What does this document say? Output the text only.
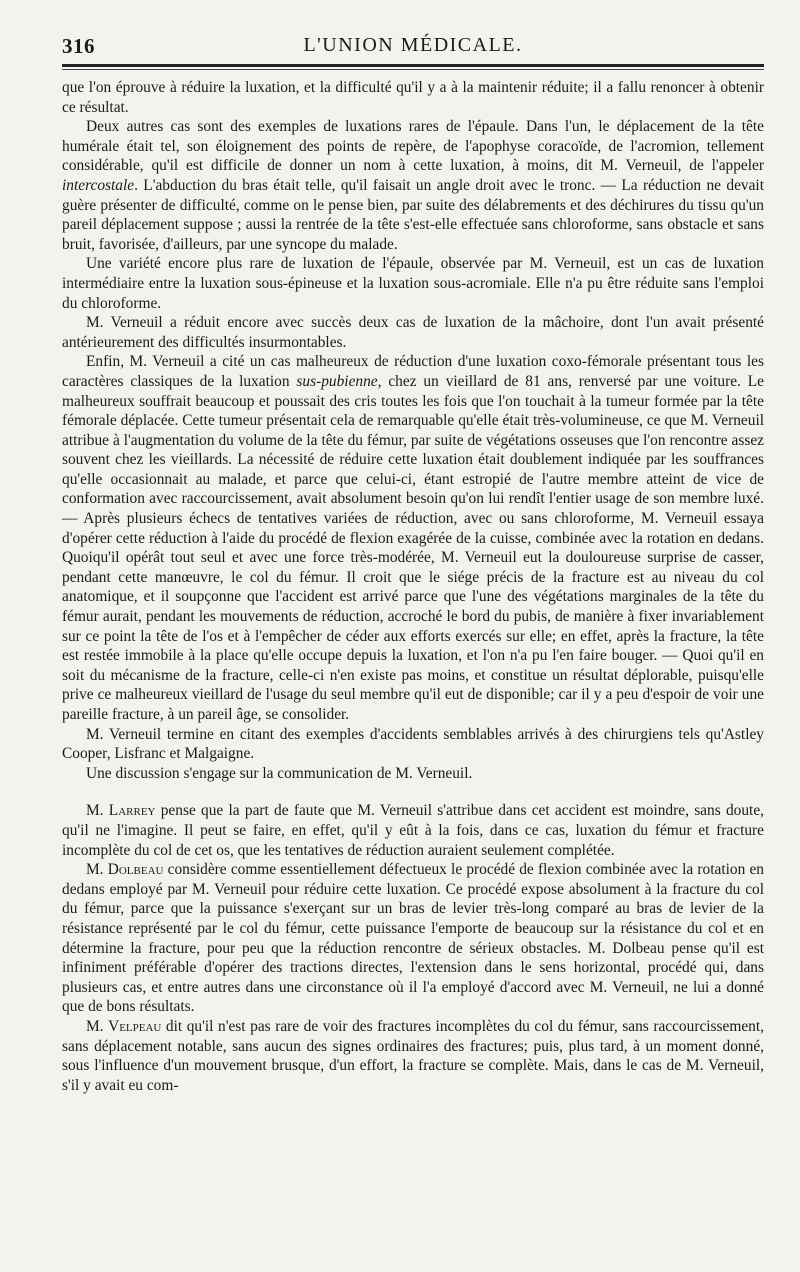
316	L'UNION MÉDICALE.

que l'on éprouve à réduire la luxation, et la difficulté qu'il y a à la maintenir réduite; il a fallu renoncer à obtenir ce résultat.

Deux autres cas sont des exemples de luxations rares de l'épaule. Dans l'un, le déplacement de la tête humérale était tel, son éloignement des points de repère, de l'apophyse coracoïde, de l'acromion, tellement considérable, qu'il est difficile de donner un nom à cette luxation, à moins, dit M. Verneuil, de l'appeler intercostale. L'abduction du bras était telle, qu'il faisait un angle droit avec le tronc. — La réduction ne devait guère présenter de difficulté, comme on le pense bien, par suite des délabrements et des déchirures du tissu qu'un pareil déplacement suppose ; aussi la rentrée de la tête s'est-elle effectuée sans chloroforme, sans obstacle et sans bruit, favorisée, d'ailleurs, par une syncope du malade.

Une variété encore plus rare de luxation de l'épaule, observée par M. Verneuil, est un cas de luxation intermédiaire entre la luxation sous-épineuse et la luxation sous-acromiale. Elle n'a pu être réduite sans l'emploi du chloroforme.

M. Verneuil a réduit encore avec succès deux cas de luxation de la mâchoire, dont l'un avait présenté antérieurement des difficultés insurmontables.

Enfin, M. Verneuil a cité un cas malheureux de réduction d'une luxation coxo-fémorale présentant tous les caractères classiques de la luxation sus-pubienne, chez un vieillard de 81 ans, renversé par une voiture. Le malheureux souffrait beaucoup et poussait des cris toutes les fois que l'on touchait à la tumeur formée par la tête fémorale déplacée. Cette tumeur présentait cela de remarquable qu'elle était très-volumineuse, ce que M. Verneuil attribue à l'augmentation du volume de la tête du fémur, par suite de végétations osseuses que l'on rencontre assez souvent chez les vieillards. La nécessité de réduire cette luxation était doublement indiquée par les souffrances qu'elle occasionnait au malade, et parce que celui-ci, étant estropié de l'autre membre atteint de vice de conformation avec raccourcissement, avait absolument besoin qu'on lui rendît l'entier usage de son membre luxé. — Après plusieurs échecs de tentatives variées de réduction, avec ou sans chloroforme, M. Verneuil essaya d'opérer cette réduction à l'aide du procédé de flexion exagérée de la cuisse, combinée avec la rotation en dedans. Quoiqu'il opérât tout seul et avec une force très-modérée, M. Verneuil eut la douloureuse surprise de casser, pendant cette manœuvre, le col du fémur. Il croit que le siége précis de la fracture est au niveau du col anatomique, et il soupçonne que l'accident est arrivé parce que l'une des végétations marginales de la tête du fémur aurait, pendant les mouvements de réduction, accroché le bord du pubis, de manière à fixer invariablement sur ce point la tête de l'os et à l'empêcher de céder aux efforts exercés sur elle; en effet, après la fracture, la tête est restée immobile à la place qu'elle occupe depuis la luxation, et l'on n'a pu l'en faire bouger. — Quoi qu'il en soit du mécanisme de la fracture, celle-ci n'en existe pas moins, et constitue un résultat déplorable, puisqu'elle prive ce malheureux vieillard de l'usage du seul membre qu'il eut de disponible; car il y a peu d'espoir de voir une pareille fracture, à un pareil âge, se consolider.

M. Verneuil termine en citant des exemples d'accidents semblables arrivés à des chirurgiens tels qu'Astley Cooper, Lisfranc et Malgaigne.

Une discussion s'engage sur la communication de M. Verneuil.

M. Larrey pense que la part de faute que M. Verneuil s'attribue dans cet accident est moindre, sans doute, qu'il ne l'imagine. Il peut se faire, en effet, qu'il y eût à la fois, dans ce cas, luxation du fémur et fracture incomplète du col de cet os, que les tentatives de réduction auraient seulement complétée.

M. Dolbeau considère comme essentiellement défectueux le procédé de flexion combinée avec la rotation en dedans employé par M. Verneuil pour réduire cette luxation. Ce procédé expose absolument à la fracture du col du fémur, parce que la puissance s'exerçant sur un bras de levier très-long comparé au bras de levier de la résistance représenté par le col du fémur, cette puissance l'emporte de beaucoup sur la résistance du col et en détermine la fracture, pour peu que la réduction rencontre de sérieux obstacles. M. Dolbeau pense qu'il est infiniment préférable d'opérer des tractions directes, l'extension dans le sens horizontal, procédé qui, dans plusieurs cas, et entre autres dans une circonstance où il l'a employé d'accord avec M. Verneuil, ne lui a donné que de bons résultats.

M. Velpeau dit qu'il n'est pas rare de voir des fractures incomplètes du col du fémur, sans raccourcissement, sans déplacement notable, sans aucun des signes ordinaires des fractures; puis, plus tard, à un moment donné, sous l'influence d'un mouvement brusque, d'un effort, la fracture se complète. Mais, dans le cas de M. Verneuil, s'il y avait eu com-
